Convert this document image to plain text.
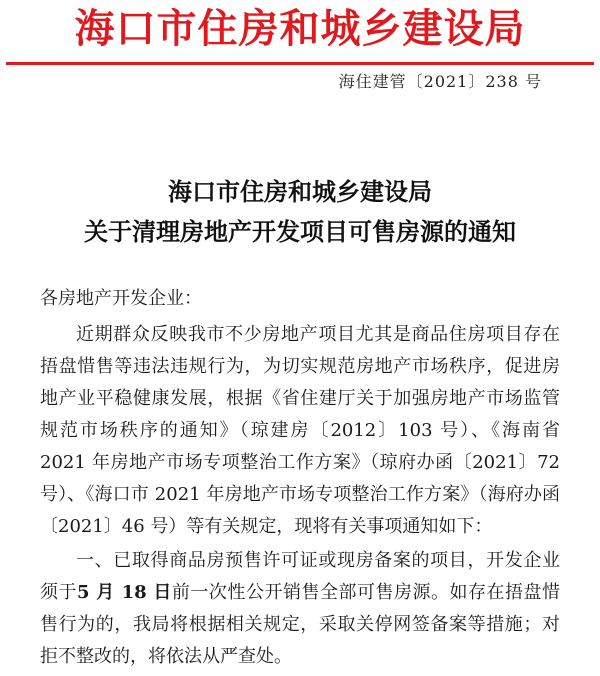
海口市住房和城乡建设局
海住建管〔2021〕238 号
海口市住房和城乡建设局
关于清理房地产开发项目可售房源的通知
各房地产开发企业：

近期群众反映我市不少房地产项目尤其是商品住房项目存在捂盘惜售等违法违规行为，为切实规范房地产市场秩序，促进房地产业平稳健康发展，根据《省住建厅关于加强房地产市场监管规范市场秩序的通知》（琼建房〔2012〕103 号）、《海南省 2021 年房地产市场专项整治工作方案》（琼府办函〔2021〕72 号）、《海口市 2021 年房地产市场专项整治工作方案》（海府办函〔2021〕46 号）等有关规定，现将有关事项通知如下：

一、已取得商品房预售许可证或现房备案的项目，开发企业须于5 月 18 日前一次性公开销售全部可售房源。如存在捂盘惜售行为的，我局将根据相关规定，采取关停网签备案等措施；对拒不整改的，将依法从严查处。
